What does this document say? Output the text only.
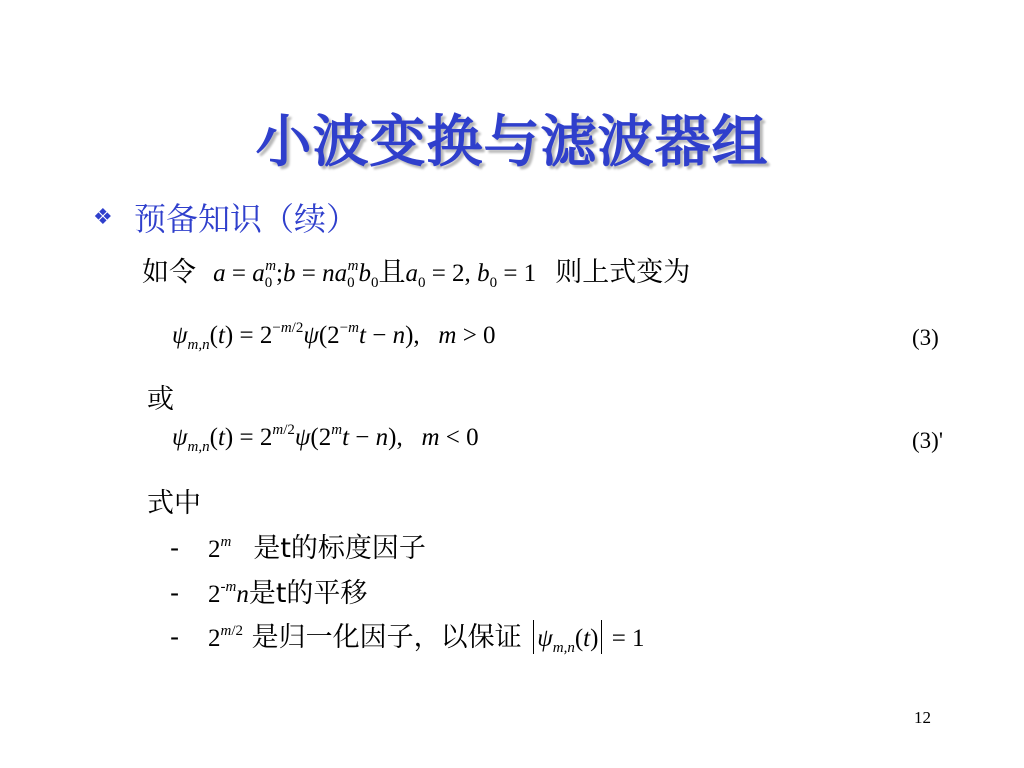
小波变换与滤波器组
❖ 预备知识（续）
如令 $a = a_0^m;b = na_0^mb_0$且$a_0 = 2$, $b_0 = 1$ 则上式变为
$\psi_{m,n}(t) = 2^{-m/2}\psi(2^{-m}t - n)$,   m > 0	(3)
或
$\psi_{m,n}(t) = 2^{m/2}\psi(2^mt - n)$,   m < 0	(3)'
式中
- 2$^m$ 是t的标度因子
- $2^{-m}n$是t的平移
- $2^{m/2}$ 是归一化因子，以保证 $\psi_{m,n}(t) = 1$
12
